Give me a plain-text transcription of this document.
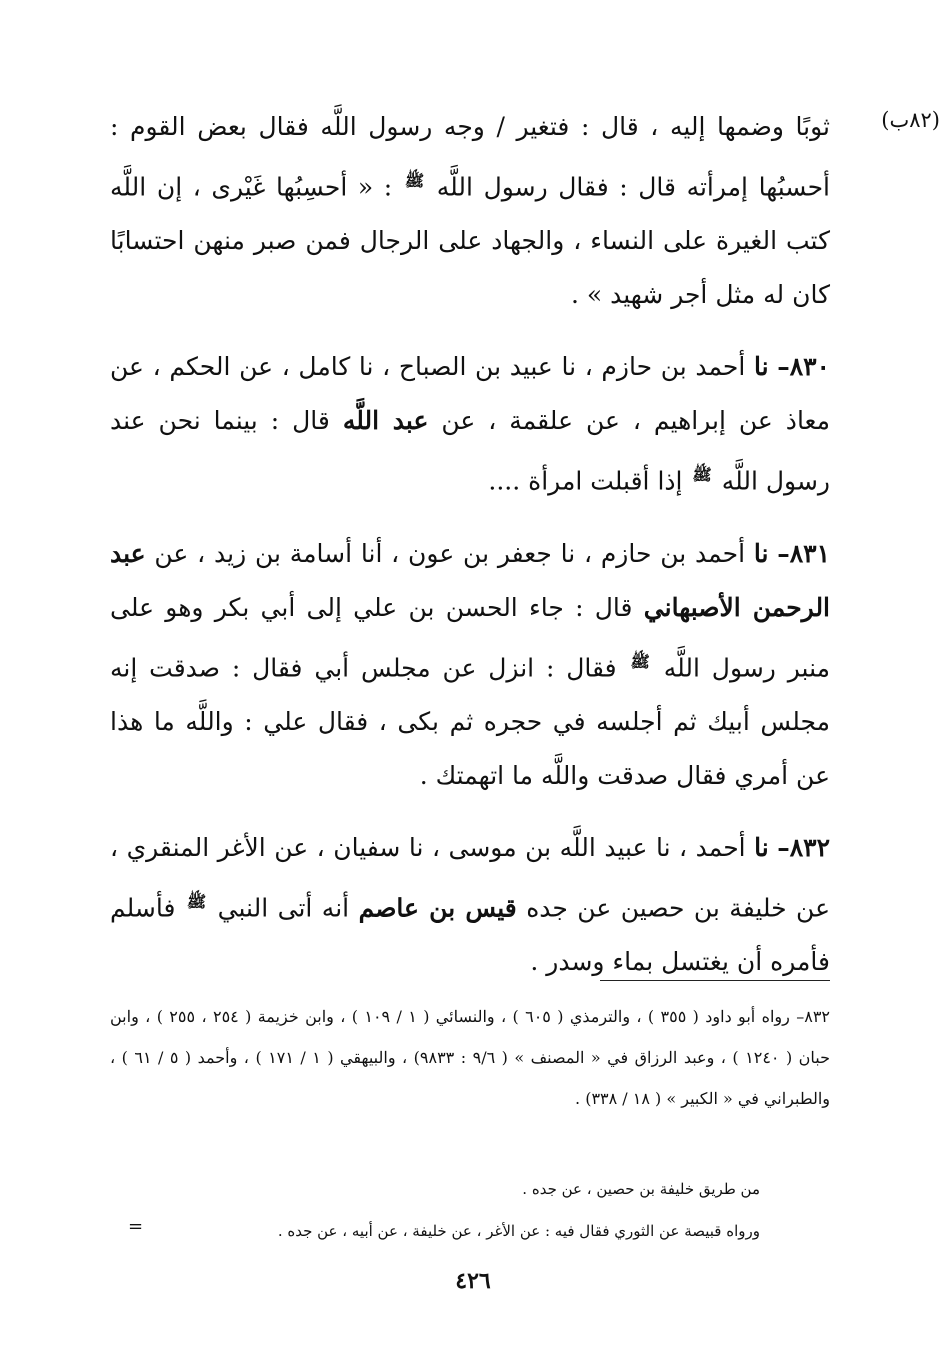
(٨٢ب)

ثوبًا وضمها إليه ، قال : فتغير / وجه رسول اللَّه فقال بعض القوم : أحسبُها إمرأته قال : فقال رسول اللَّه $^ﷺ$ : « أحسِبُها غَيْرى ، إن اللَّه كتب الغيرة على النساء ، والجهاد على الرجال فمن صبر منهن احتسابًا كان له مثل أجر شهيد » .

٨٣٠– نا أحمد بن حازم ، نا عبيد بن الصباح ، نا كامل ، عن الحكم ، عن معاذ عن إبراهيم ، عن علقمة ، عن عبد اللَّه قال : بينما نحن عند رسول اللَّه $^ﷺ$ إذا أقبلت امرأة ....

٨٣١– نا أحمد بن حازم ، نا جعفر بن عون ، أنا أسامة بن زيد ، عن عبد الرحمن الأصبهاني قال : جاء الحسن بن علي إلى أبي بكر وهو على منبر رسول اللَّه $^ﷺ$ فقال : انزل عن مجلس أبي فقال : صدقت إنه مجلس أبيك ثم أجلسه في حجره ثم بكى ، فقال علي : واللَّه ما هذا عن أمري فقال صدقت واللَّه ما اتهمتك .

٨٣٢– نا أحمد ، نا عبيد اللَّه بن موسى ، نا سفيان ، عن الأغر المنقري ، عن خليفة بن حصين عن جده قيس بن عاصم أنه أتى النبي $^ﷺ$ فأسلم فأمره أن يغتسل بماء وسدر .

٨٣٢– رواه أبو داود ( ٣٥٥ ) ، والترمذي ( ٦٠٥ ) ، والنسائي ( ١ / ١٠٩ ) ، وابن خزيمة ( ٢٥٤ ، ٢٥٥ ) ، وابن حبان ( ١٢٤٠ ) ، وعبد الرزاق في « المصنف » ( ٩/٦ : ٩٨٣٣) ، والبيهقي ( ١ / ١٧١ ) ، وأحمد ( ٥ / ٦١ ) ، والطبراني في « الكبير » ( ١٨ / ٣٣٨) .

من طريق خليفة بن حصين ، عن جده .

ورواه قبيصة عن الثوري فقال فيه : عن الأغر ، عن خليفة ، عن أبيه ، عن جده .

=
٤٢٦
